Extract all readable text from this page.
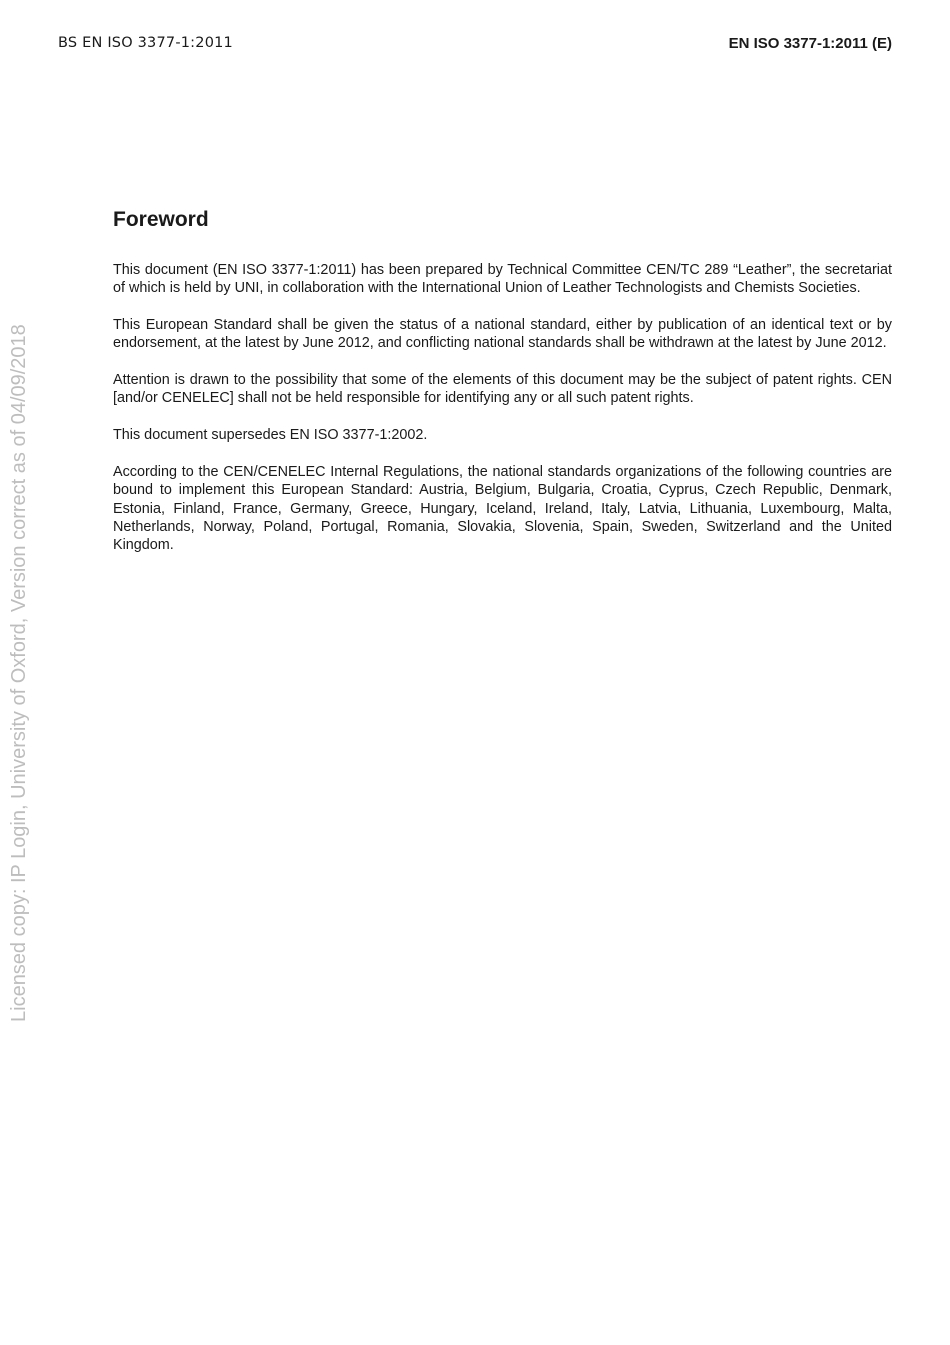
BS EN ISO 3377-1:2011	EN ISO 3377-1:2011 (E)
Licensed copy: IP Login, University of Oxford, Version correct as of 04/09/2018
Foreword

This document (EN ISO 3377-1:2011) has been prepared by Technical Committee CEN/TC 289 “Leather”, the secretariat of which is held by UNI, in collaboration with the International Union of Leather Technologists and Chemists Societies.

This European Standard shall be given the status of a national standard, either by publication of an identical text or by endorsement, at the latest by June 2012, and conflicting national standards shall be withdrawn at the latest by June 2012.

Attention is drawn to the possibility that some of the elements of this document may be the subject of patent rights. CEN [and/or CENELEC] shall not be held responsible for identifying any or all such patent rights.

This document supersedes EN ISO 3377-1:2002.

According to the CEN/CENELEC Internal Regulations, the national standards organizations of the following countries are bound to implement this European Standard: Austria, Belgium, Bulgaria, Croatia, Cyprus, Czech Republic, Denmark, Estonia, Finland, France, Germany, Greece, Hungary, Iceland, Ireland, Italy, Latvia, Lithuania, Luxembourg, Malta, Netherlands, Norway, Poland, Portugal, Romania, Slovakia, Slovenia, Spain, Sweden, Switzerland and the United Kingdom.
